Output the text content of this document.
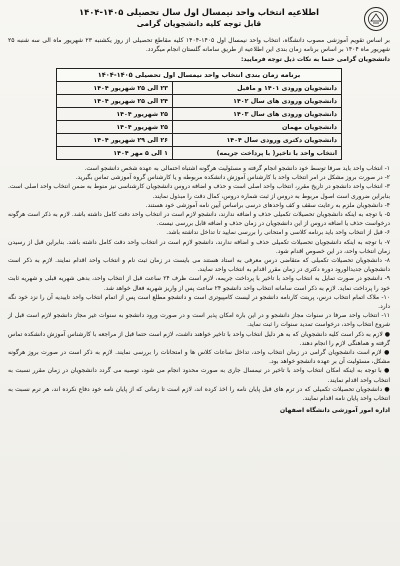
اطلاعیه انتخاب واحد نیمسال اول سال تحصیلی ۱۴۰۵-۱۴۰۴
قابل توجه کلیه دانشجویان گرامی
بر اساس تقویم آموزشی مصوب دانشگاه، انتخاب واحد نیمسال اول ۱۴۰۵-۱۴۰۴ کلیه مقاطع تحصیلی از روز یکشنبه ۲۳ شهریور ماه الی سه شنبه ۲۵ شهریور ماه ۱۴۰۴ بر اساس برنامه زمان بندی این اطلاعیه از طریق سامانه گلستان انجام میگردد.
دانشجویان گرامی حتما به نکات ذیل توجه فرمایید:
برنامه زمان بندی انتخاب واحد نیمسال اول تحصیلی ۱۴۰۵-۱۴۰۴	
دانشجویان ورودی ۱۴۰۱ و ماقبل	۲۳ الی ۲۵ شهریور ۱۴۰۴
دانشجویان ورودی های سال ۱۴۰۲	۲۴ الی ۲۵ شهریور ۱۴۰۴
دانشجویان ورودی های سال ۱۴۰۳	۲۵ شهریور ۱۴۰۴
دانشجویان مهمان	۲۵ شهریور ۱۴۰۴
دانشجویان دکتری ورودی سال ۱۴۰۴	۲۶ الی ۲۹ شهریور ۱۴۰۴
انتخاب واحد با تاخیر( با پرداخت جریمه)	۱ الی ۵ مهر ۱۴۰۴
۱- انتخاب واحد باید صرفا توسط خود دانشجو انجام گرفته و مسئولیت هرگونه اشتباه احتمالی به عهده شخص دانشجو است.
۲- در صورت بروز مشکل در امر انتخاب واحد با کارشناس آموزش دانشکده مربوطه و یا کارشناس گروه آموزشی تماس بگیرید.
۳- انتخاب واحد دانشجو در تاریخ مقرر، انتخاب واحد اصلی است و حذف و اضافه دروس دانشجویان کارشناسی نیز منوط به ضمن انتخاب واحد اصلی است. بنابراین ضروری است اصول مربوط به دروس از ثبت شماره دروس، کمال دقت را مبذول نمایند.
۴- دانشجویان ملزم به رعایت سقف و کف واحدهای درسی براساس آیین نامه آموزشی خود هستند.
۵- با توجه به اینکه دانشجویان تحصیلات تکمیلی حذف و اضافه ندارند، دانشجو لازم است در انتخاب واحد دقت کامل داشته باشد. لازم به ذکر است هرگونه درخواست حذف یا اضافه دروس از این دانشجویان در زمان حذف و اضافه قابل بررسی نیست.
۶- قبل از انتخاب واحد باید برنامه کلاسی و امتحانی را بررسی نمایید تا تداخل نداشته باشد.
۷- با توجه به اینکه دانشجویان تحصیلات تکمیلی حذف و اضافه ندارند، دانشجو لازم است در انتخاب واحد دقت کامل داشته باشد. بنابراین قبل از رسیدن زمان انتخاب واحد، در این خصوص اقدام شود.
۸- دانشجویان تحصیلات تکمیلی که متقاضی درس معرفی به استاد هستند می بایست در زمان ثبت نام و انتخاب واحد اقدام نمایند. لازم به ذکر است دانشجویان جدیدالورود دوره دکتری در زمان مقرر اقدام به انتخاب واحد نمایند.
۹- دانشجو در صورت تمایل به انتخاب واحد با تاخیر با پرداخت جریمه، لازم است ظرف ۲۴ ساعت قبل از انتخاب واحد، بدهی شهریه قبلی و شهریه ثابت خود را پرداخت نماید. لازم به ذکر است سامانه انتخاب واحد دانشجو ۲۴ ساعت پس از واریز شهریه فعال خواهد شد.
۱۰- ملاک اتمام انتخاب درس، پرینت کارنامه دانشجو در لیست کامپیوتری است و دانشجو مطلع است پس از اتمام انتخاب واحد تاییدیه آن را نزد خود نگه دارد.
۱۱- انتخاب واحد صرفا در سنوات مجاز دانشجو و در این باره امکان پذیر است و در صورت ورود دانشجو به سنوات غیر مجاز دانشجو لازم است قبل از شروع انتخاب واحد، درخواست تمدید سنوات را ثبت نماید.
● لازم به ذکر است کلیه دانشجویان که به هر دلیل انتخاب واحد با تاخیر خواهند داشت، لازم است حتما قبل از مراجعه با کارشناس آموزش دانشکده تماس گرفته و هماهنگی لازم را انجام دهند.
● لازم است دانشجویان گرامی در زمان انتخاب واحد، تداخل ساعات کلاس ها و امتحانات را بررسی نمایند. لازم به ذکر است در صورت بروز هرگونه مشکل، مسئولیت آن بر عهده دانشجو خواهد بود.
● با توجه به اینکه امکان انتخاب واحد با تاخیر در نیمسال جاری به صورت محدود انجام می شود، توصیه می گردد دانشجویان در زمان مقرر نسبت به انتخاب واحد اقدام نمایند.
● دانشجویان تحصیلات تکمیلی که در ترم های قبل پایان نامه را اخذ کرده اند، لازم است تا زمانی که از پایان نامه خود دفاع نکرده اند، هر ترم نسبت به انتخاب واحد پایان نامه اقدام نمایند.
اداره امور آموزشی دانشگاه اصفهان
